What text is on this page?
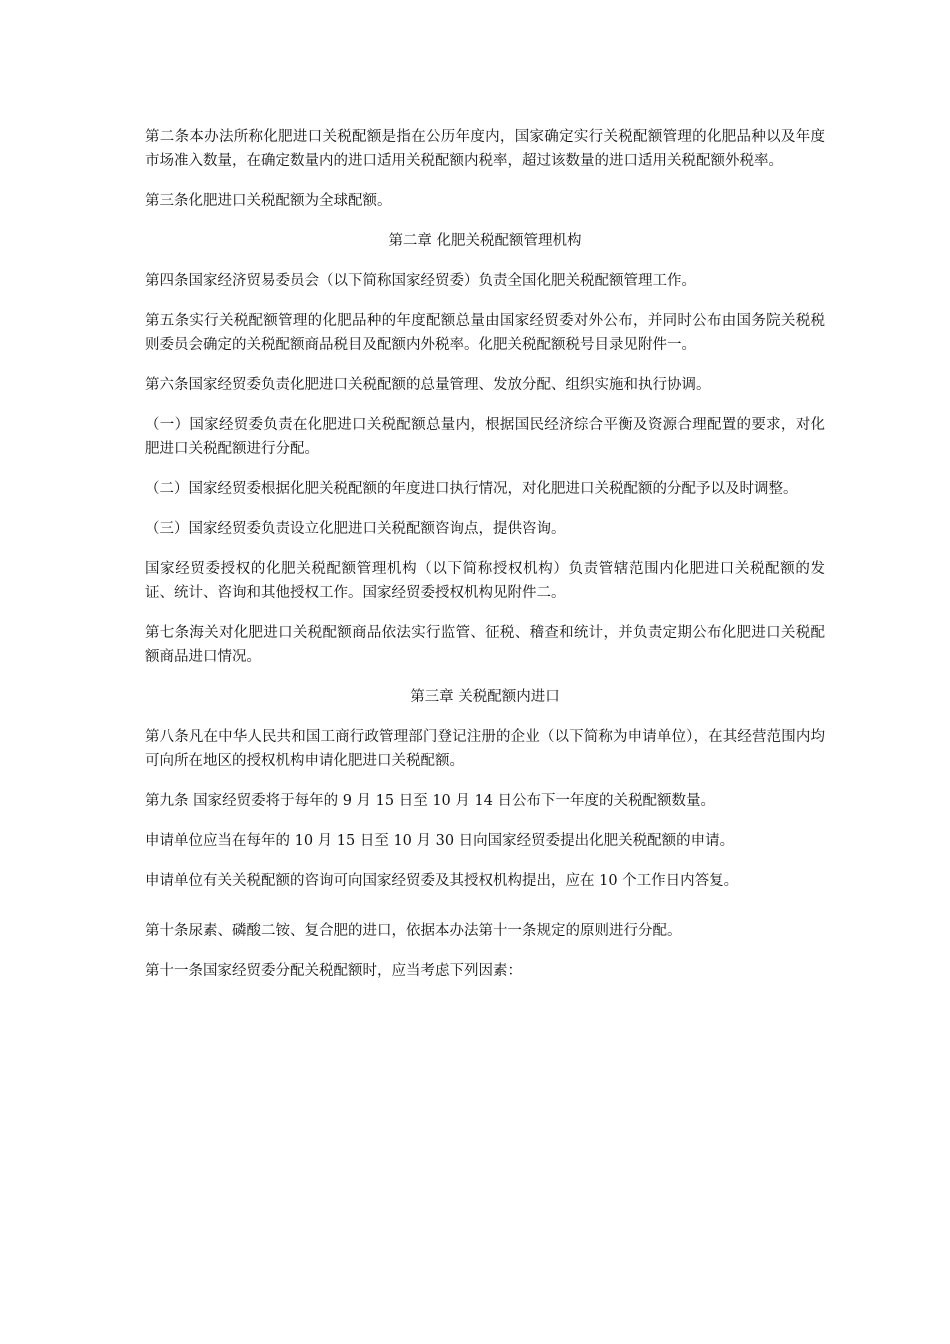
第二条本办法所称化肥进口关税配额是指在公历年度内，国家确定实行关税配额管理的化肥品种以及年度市场准入数量，在确定数量内的进口适用关税配额内税率，超过该数量的进口适用关税配额外税率。

第三条化肥进口关税配额为全球配额。

第二章 化肥关税配额管理机构

第四条国家经济贸易委员会（以下简称国家经贸委）负责全国化肥关税配额管理工作。

第五条实行关税配额管理的化肥品种的年度配额总量由国家经贸委对外公布，并同时公布由国务院关税税则委员会确定的关税配额商品税目及配额内外税率。化肥关税配额税号目录见附件一。

第六条国家经贸委负责化肥进口关税配额的总量管理、发放分配、组织实施和执行协调。

（一）国家经贸委负责在化肥进口关税配额总量内，根据国民经济综合平衡及资源合理配置的要求，对化肥进口关税配额进行分配。

（二）国家经贸委根据化肥关税配额的年度进口执行情况，对化肥进口关税配额的分配予以及时调整。

（三）国家经贸委负责设立化肥进口关税配额咨询点，提供咨询。

国家经贸委授权的化肥关税配额管理机构（以下简称授权机构）负责管辖范围内化肥进口关税配额的发证、统计、咨询和其他授权工作。国家经贸委授权机构见附件二。

第七条海关对化肥进口关税配额商品依法实行监管、征税、稽查和统计，并负责定期公布化肥进口关税配额商品进口情况。

第三章 关税配额内进口

第八条凡在中华人民共和国工商行政管理部门登记注册的企业（以下简称为申请单位），在其经营范围内均可向所在地区的授权机构申请化肥进口关税配额。

第九条 国家经贸委将于每年的 9 月 15 日至 10 月 14 日公布下一年度的关税配额数量。

申请单位应当在每年的 10 月 15 日至 10 月 30 日向国家经贸委提出化肥关税配额的申请。

申请单位有关关税配额的咨询可向国家经贸委及其授权机构提出，应在 10 个工作日内答复。

第十条尿素、磷酸二铵、复合肥的进口，依据本办法第十一条规定的原则进行分配。

第十一条国家经贸委分配关税配额时，应当考虑下列因素：
